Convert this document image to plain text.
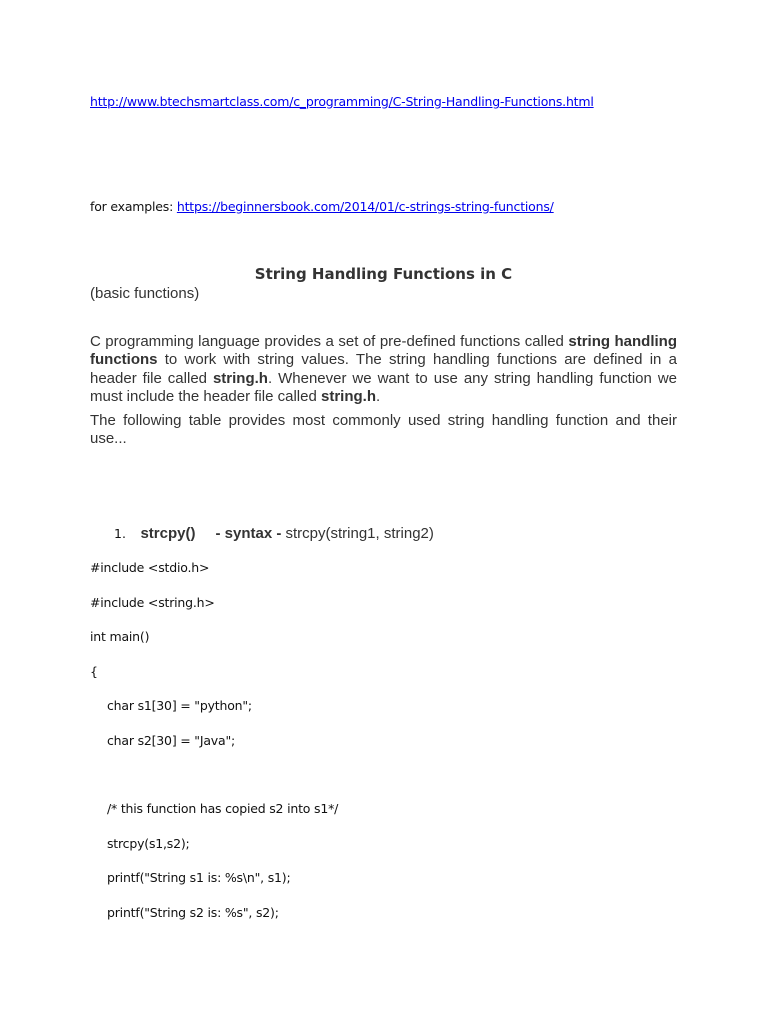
http://www.btechsmartclass.com/c_programming/C-String-Handling-Functions.html
for examples: https://beginnersbook.com/2014/01/c-strings-string-functions/
String Handling Functions in C
(basic functions)
C programming language provides a set of pre-defined functions called string handling functions to work with string values. The string handling functions are defined in a header file called string.h. Whenever we want to use any string handling function we must include the header file called string.h.
The following table provides most commonly used string handling function and their use...
1. strcpy() - syntax - strcpy(string1, string2)
#include <stdio.h>
#include <string.h>
int main()
{
char s1[30] = "python";
char s2[30] = "Java";
/* this function has copied s2 into s1*/
strcpy(s1,s2);
printf("String s1 is: %s\n", s1);
printf("String s2 is: %s", s2);
